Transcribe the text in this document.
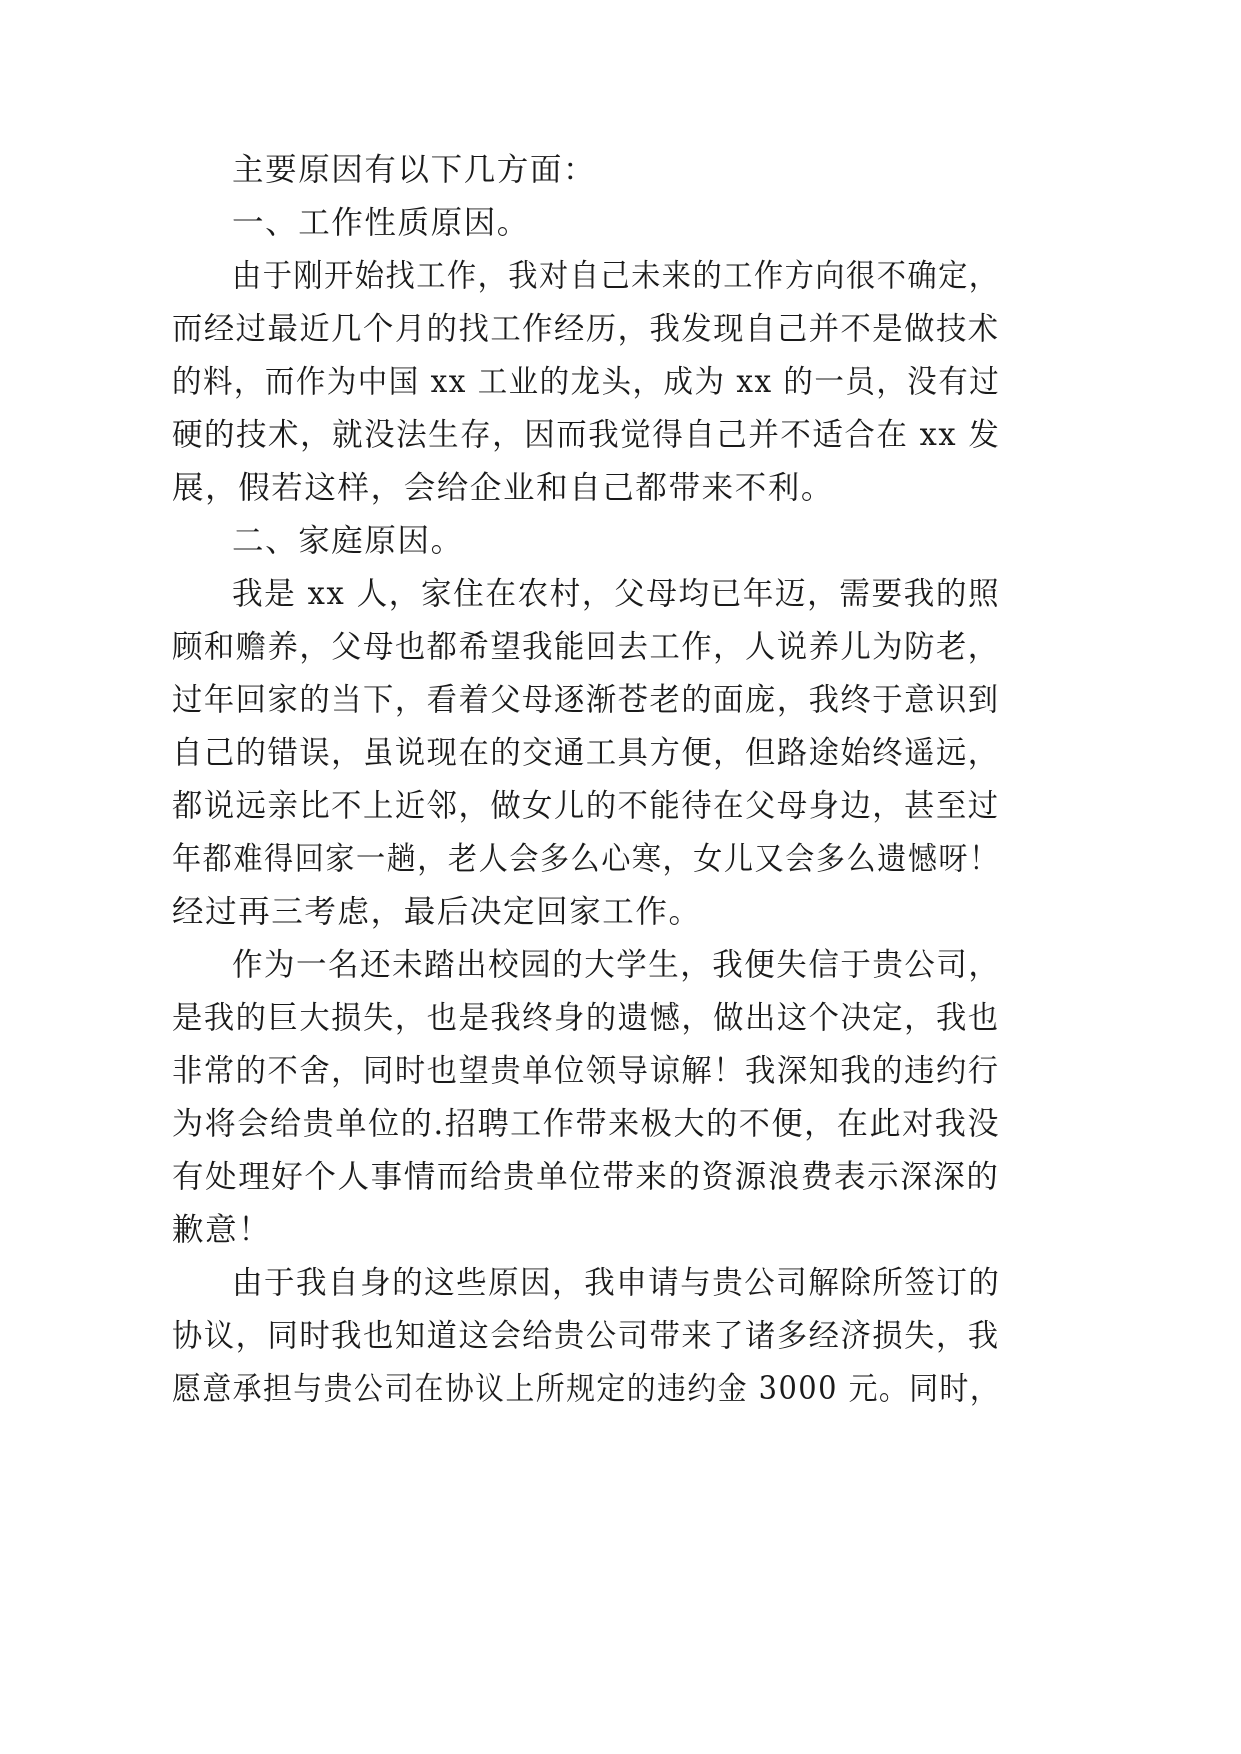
主要原因有以下几方面：
一、工作性质原因。
由于刚开始找工作，我对自己未来的工作方向很不确定，
而经过最近几个月的找工作经历，我发现自己并不是做技术
的料，而作为中国 xx 工业的龙头，成为 xx 的一员，没有过
硬的技术，就没法生存，因而我觉得自己并不适合在 xx 发
展，假若这样，会给企业和自己都带来不利。
二、家庭原因。
我是 xx 人，家住在农村，父母均已年迈，需要我的照
顾和赡养，父母也都希望我能回去工作，人说养儿为防老，
过年回家的当下，看着父母逐渐苍老的面庞，我终于意识到
自己的错误，虽说现在的交通工具方便，但路途始终遥远，
都说远亲比不上近邻，做女儿的不能待在父母身边，甚至过
年都难得回家一趟，老人会多么心寒，女儿又会多么遗憾呀！
经过再三考虑，最后决定回家工作。
作为一名还未踏出校园的大学生，我便失信于贵公司，
是我的巨大损失，也是我终身的遗憾，做出这个决定，我也
非常的不舍，同时也望贵单位领导谅解！我深知我的违约行
为将会给贵单位的.招聘工作带来极大的不便，在此对我没
有处理好个人事情而给贵单位带来的资源浪费表示深深的
歉意！
由于我自身的这些原因，我申请与贵公司解除所签订的
协议，同时我也知道这会给贵公司带来了诸多经济损失，我
愿意承担与贵公司在协议上所规定的违约金 3000 元。同时，
